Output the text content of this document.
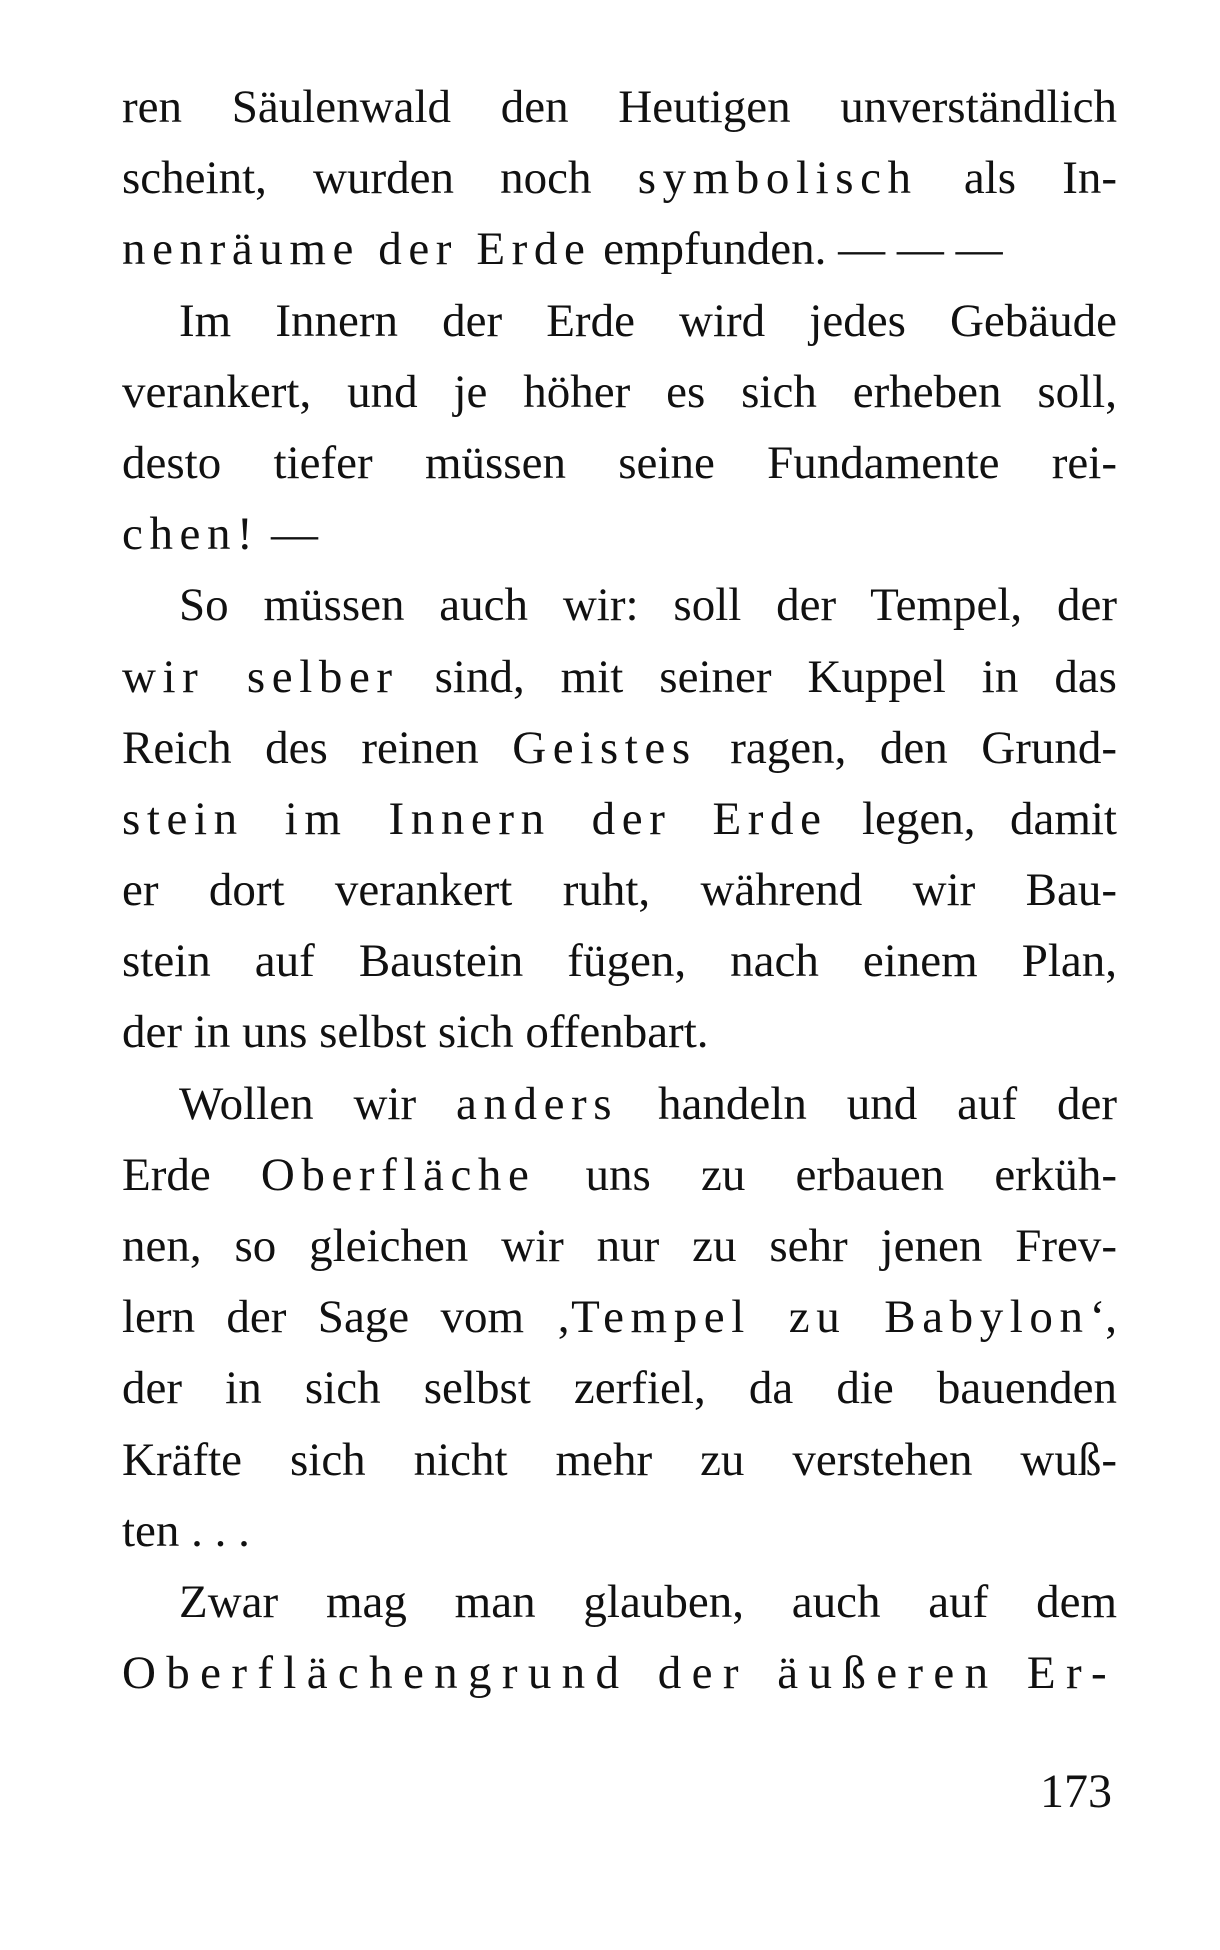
ren Säulenwald den Heutigen unverständlich
scheint, wurden noch symbolisch als In-
nenräume der Erde empfunden. — — —
Im Innern der Erde wird jedes Gebäude
verankert, und je höher es sich erheben soll,
desto tiefer müssen seine Fundamente rei-
chen! —
So müssen auch wir: soll der Tempel, der
wir selber sind, mit seiner Kuppel in das
Reich des reinen Geistes ragen, den Grund-
stein im Innern der Erde legen, damit
er dort verankert ruht, während wir Bau-
stein auf Baustein fügen, nach einem Plan,
der in uns selbst sich offenbart.
Wollen wir anders handeln und auf der
Erde Oberfläche uns zu erbauen erküh-
nen, so gleichen wir nur zu sehr jenen Frev-
lern der Sage vom ‚Tempel zu Babylon‘,
der in sich selbst zerfiel, da die bauenden
Kräfte sich nicht mehr zu verstehen wuß-
ten . . .
Zwar mag man glauben, auch auf dem
Oberflächengrund der äußeren Er-
173
